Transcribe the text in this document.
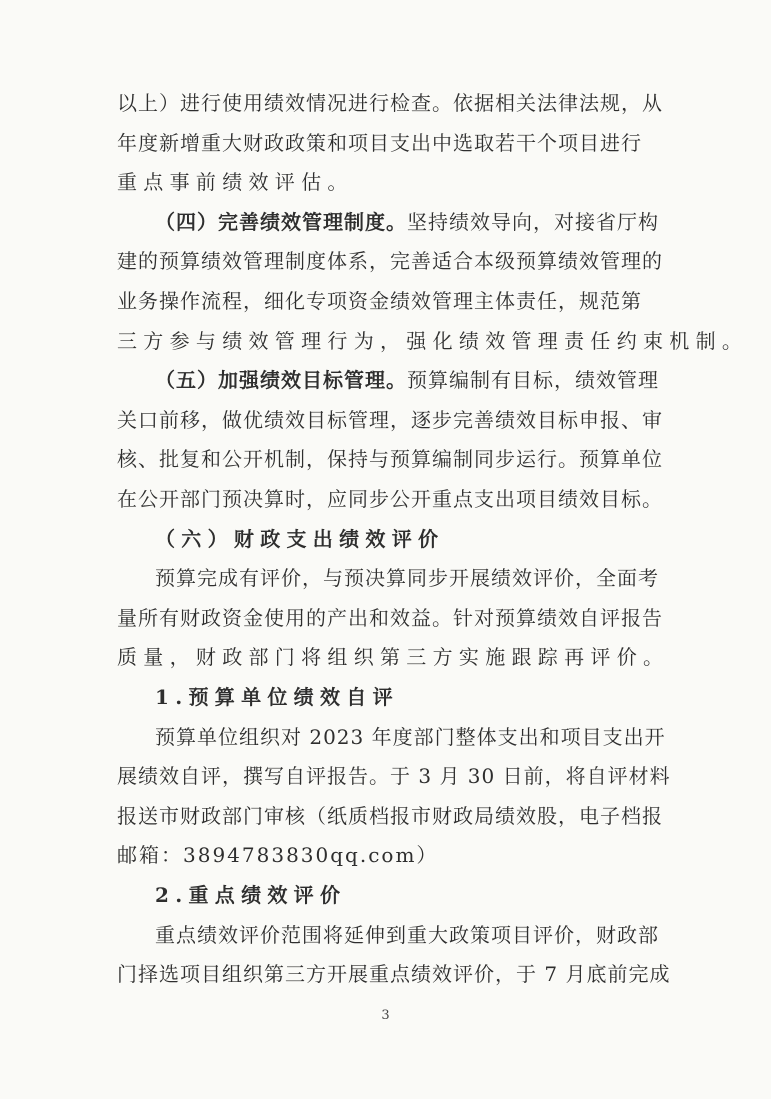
以上）进行使用绩效情况进行检查。依据相关法律法规，从
年度新增重大财政政策和项目支出中选取若干个项目进行
重点事前绩效评估。
（四）完善绩效管理制度。坚持绩效导向，对接省厅构
建的预算绩效管理制度体系，完善适合本级预算绩效管理的
业务操作流程，细化专项资金绩效管理主体责任，规范第
三方参与绩效管理行为，强化绩效管理责任约束机制。
（五）加强绩效目标管理。预算编制有目标，绩效管理
关口前移，做优绩效目标管理，逐步完善绩效目标申报、审
核、批复和公开机制，保持与预算编制同步运行。预算单位
在公开部门预决算时，应同步公开重点支出项目绩效目标。
（六）财政支出绩效评价
预算完成有评价，与预决算同步开展绩效评价，全面考
量所有财政资金使用的产出和效益。针对预算绩效自评报告
质量，财政部门将组织第三方实施跟踪再评价。
1.预算单位绩效自评
预算单位组织对 2023 年度部门整体支出和项目支出开
展绩效自评，撰写自评报告。于 3 月 30 日前，将自评材料
报送市财政部门审核（纸质档报市财政局绩效股，电子档报
邮箱：3894783830qq.com）
2.重点绩效评价
重点绩效评价范围将延伸到重大政策项目评价，财政部
门择选项目组织第三方开展重点绩效评价，于 7 月底前完成
3
